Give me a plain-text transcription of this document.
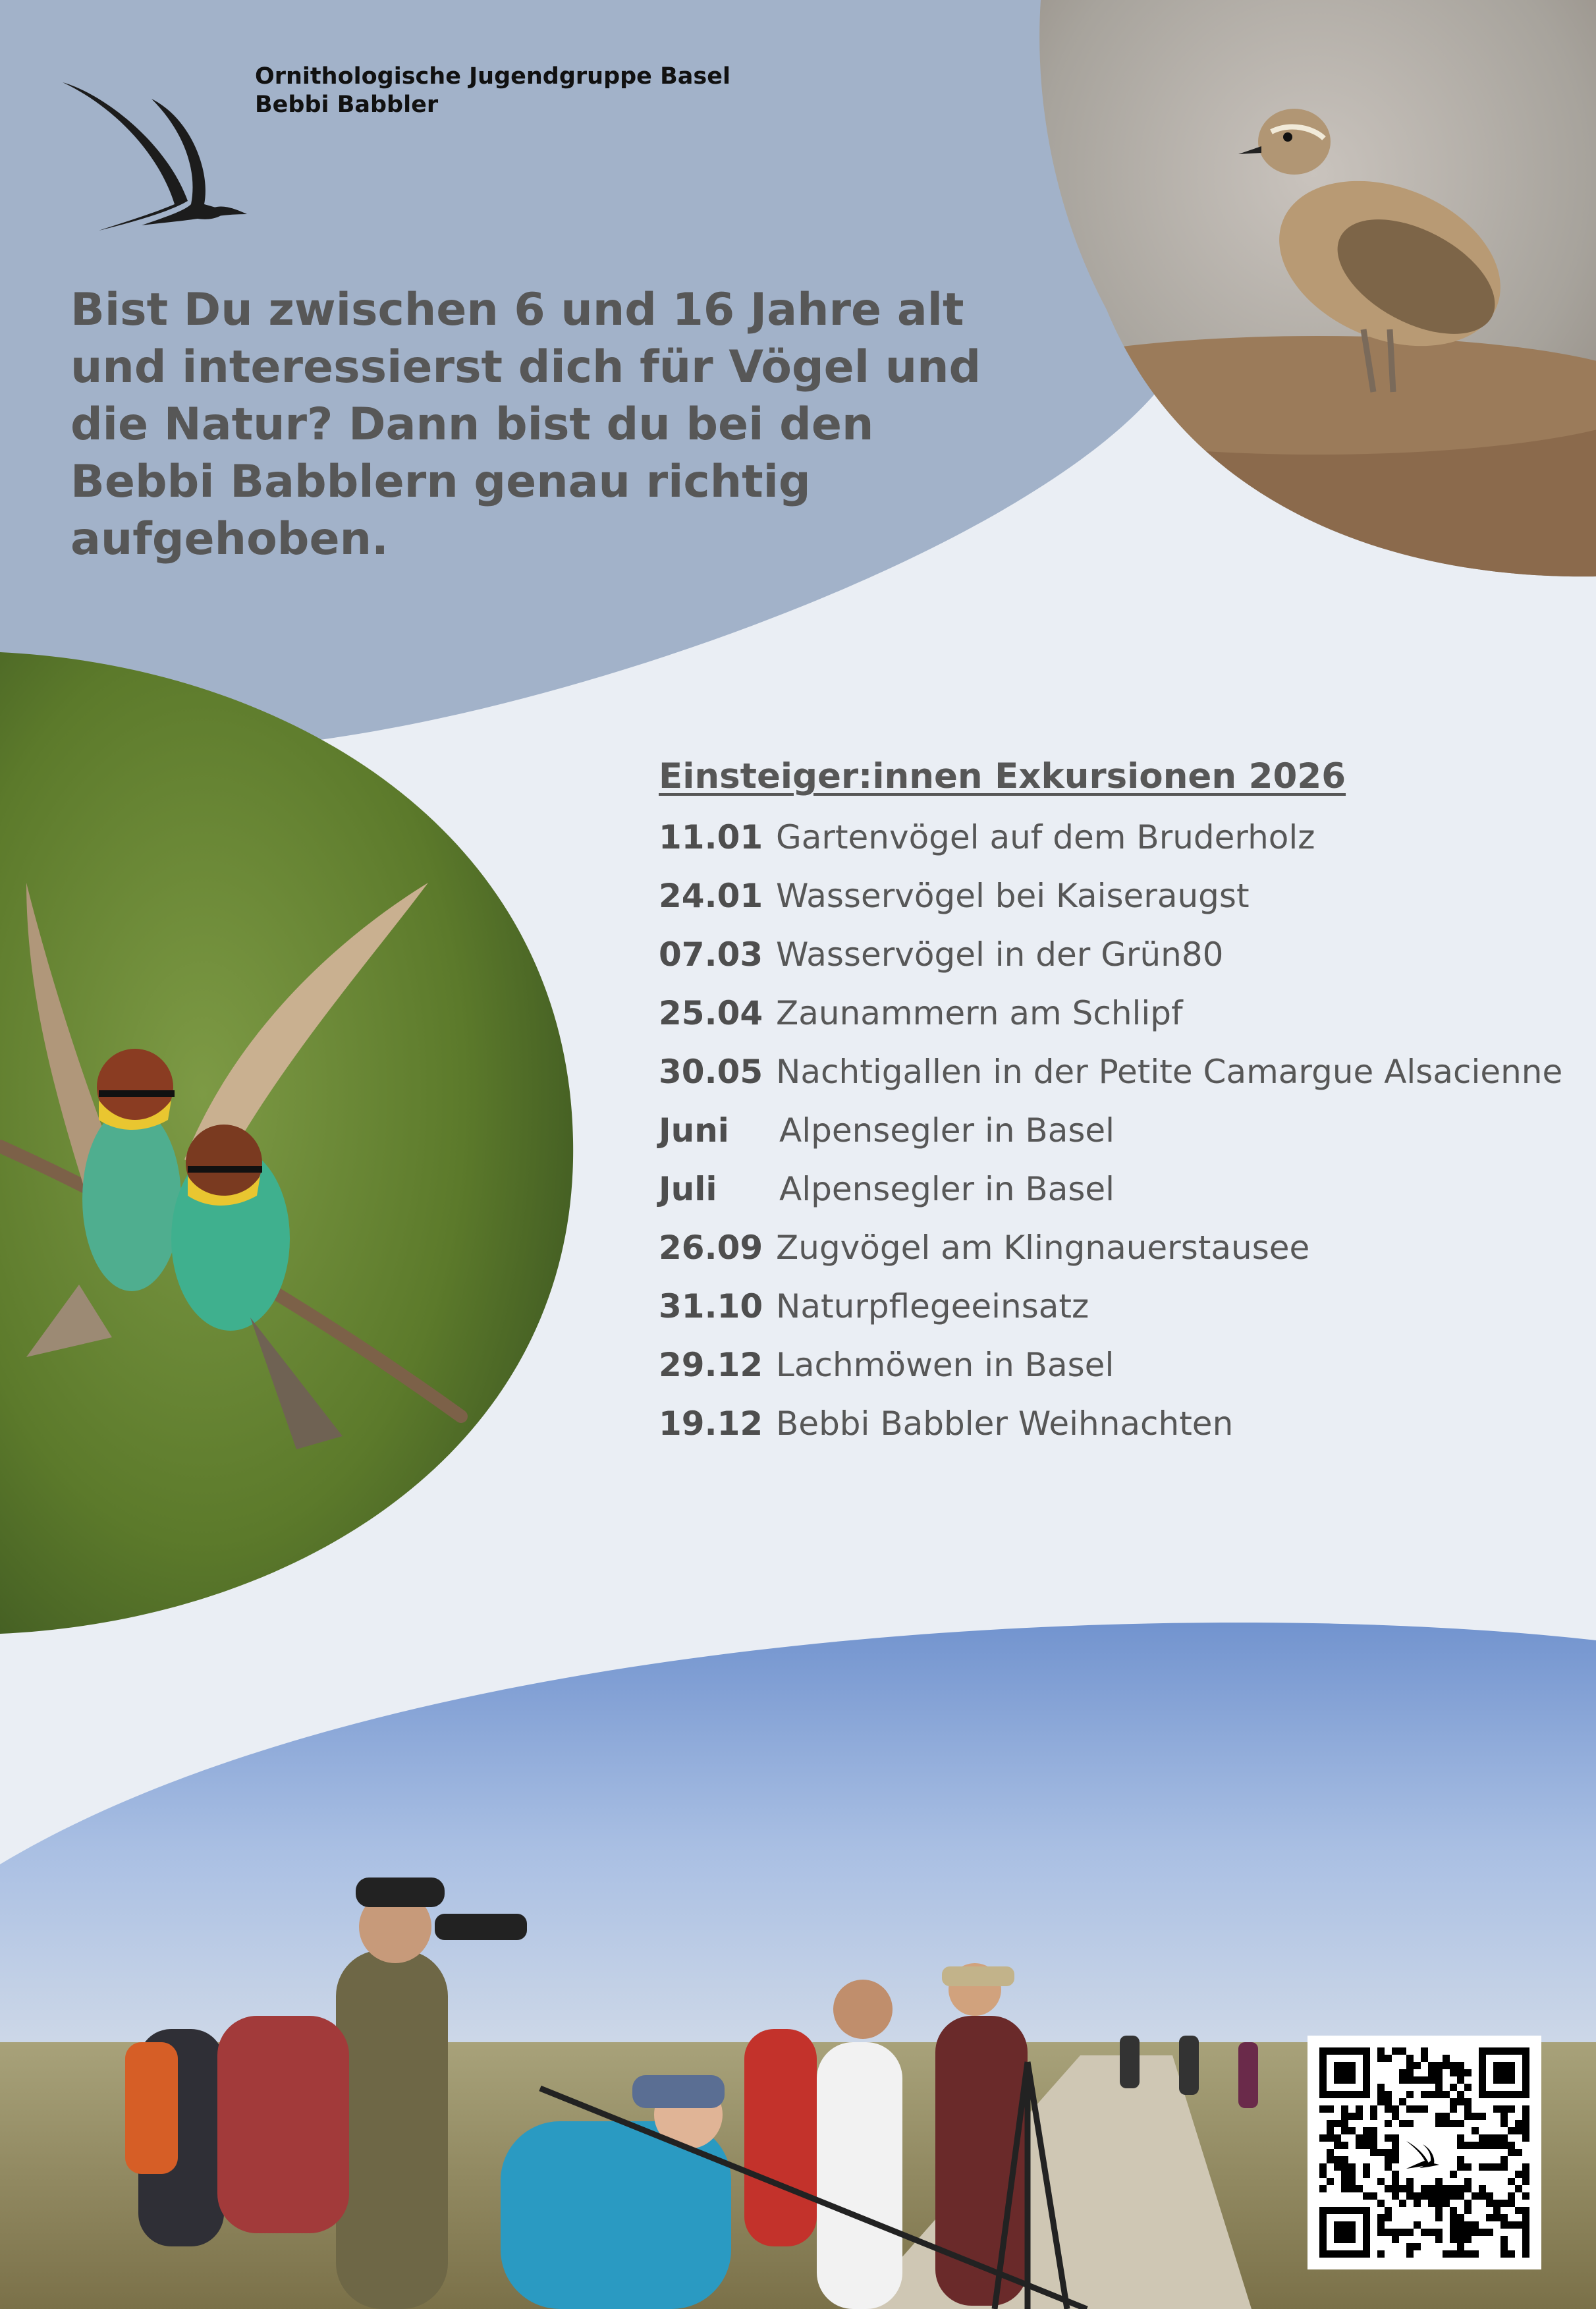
Ornithologische Jugendgruppe Basel
Bebbi Babbler
Bist Du zwischen 6 und 16 Jahre alt und interessierst dich für Vögel und die Natur? Dann bist du bei den Bebbi Babblern genau richtig aufgehoben.
Einsteiger:innen Exkursionen 2026
11.01 Gartenvögel auf dem Bruderholz
24.01 Wasservögel bei Kaiseraugst
07.03 Wasservögel in der Grün80
25.04 Zaunammern am Schlipf
30.05 Nachtigallen in der Petite Camargue Alsacienne
Juni Alpensegler in Basel
Juli Alpensegler in Basel
26.09 Zugvögel am Klingnauerstausee
31.10 Naturpflegeeinsatz
29.12 Lachmöwen in Basel
19.12 Bebbi Babbler Weihnachten
